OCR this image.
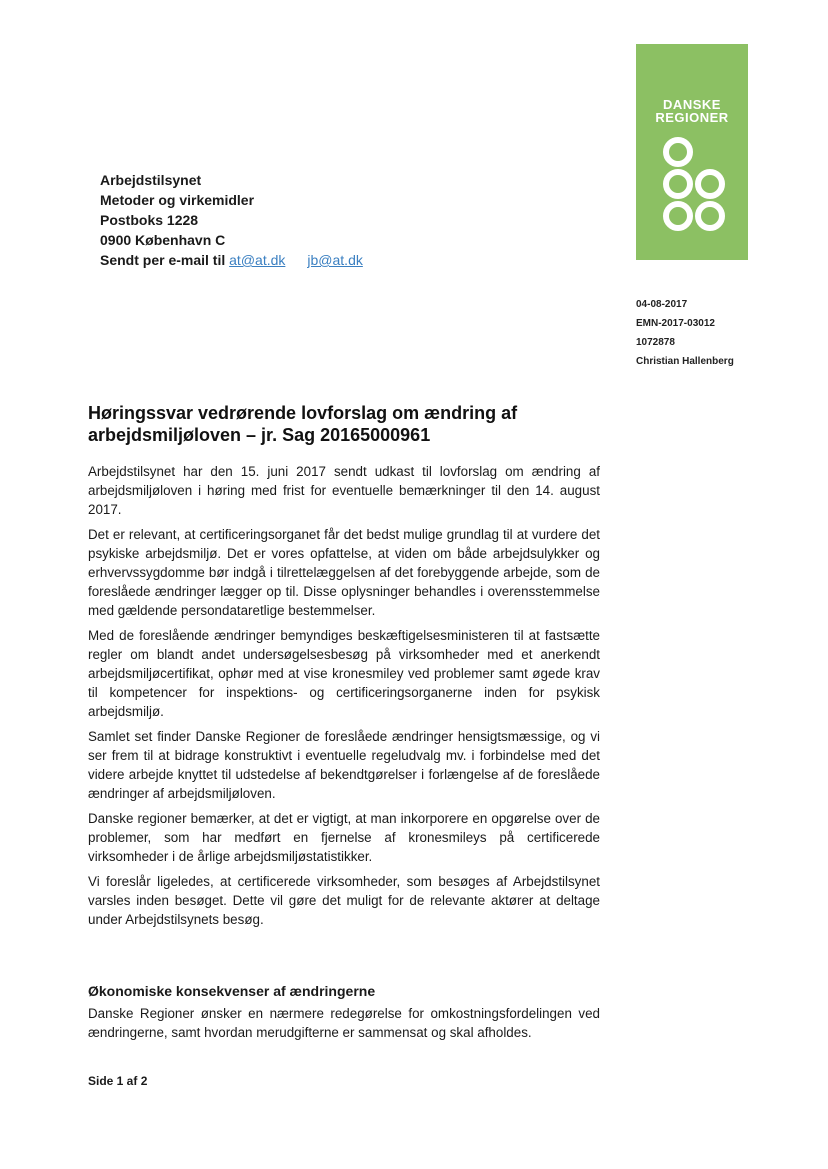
DANSKE
REGIONER
Arbejdstilsynet
Metoder og virkemidler
Postboks 1228
0900 København C
Sendt per e-mail til at@at.dk jb@at.dk
04-08-2017
EMN-2017-03012
1072878
Christian Hallenberg
Høringssvar vedrørende lovforslag om ændring af arbejdsmiljøloven – jr. Sag 20165000961

Arbejdstilsynet har den 15. juni 2017 sendt udkast til lovforslag om ændring af arbejdsmiljøloven i høring med frist for eventuelle bemærkninger til den 14. august 2017.

Det er relevant, at certificeringsorganet får det bedst mulige grundlag til at vurdere det psykiske arbejdsmiljø. Det er vores opfattelse, at viden om både arbejdsulykker og erhvervssygdomme bør indgå i tilrettelæggelsen af det forebyggende arbejde, som de foreslåede ændringer lægger op til. Disse oplysninger behandles i overensstemmelse med gældende persondataretlige bestemmelser.

Med de foreslående ændringer bemyndiges beskæftigelsesministeren til at fastsætte regler om blandt andet undersøgelsesbesøg på virksomheder med et anerkendt arbejdsmiljøcertifikat, ophør med at vise kronesmiley ved problemer samt øgede krav til kompetencer for inspektions- og certificeringsorganerne inden for psykisk arbejdsmiljø.

Samlet set finder Danske Regioner de foreslåede ændringer hensigtsmæssige, og vi ser frem til at bidrage konstruktivt i eventuelle regeludvalg mv. i forbindelse med det videre arbejde knyttet til udstedelse af bekendtgørelser i forlængelse af de foreslåede ændringer af arbejdsmiljøloven.

Danske regioner bemærker, at det er vigtigt, at man inkorporere en opgørelse over de problemer, som har medført en fjernelse af kronesmileys på certificerede virksomheder i de årlige arbejdsmiljøstatistikker.

Vi foreslår ligeledes, at certificerede virksomheder, som besøges af Arbejdstilsynet varsles inden besøget. Dette vil gøre det muligt for de relevante aktører at deltage under Arbejdstilsynets besøg.

Økonomiske konsekvenser af ændringerne

Danske Regioner ønsker en nærmere redegørelse for omkostningsfordelingen ved ændringerne, samt hvordan merudgifterne er sammensat og skal afholdes.

Side 1 af 2
